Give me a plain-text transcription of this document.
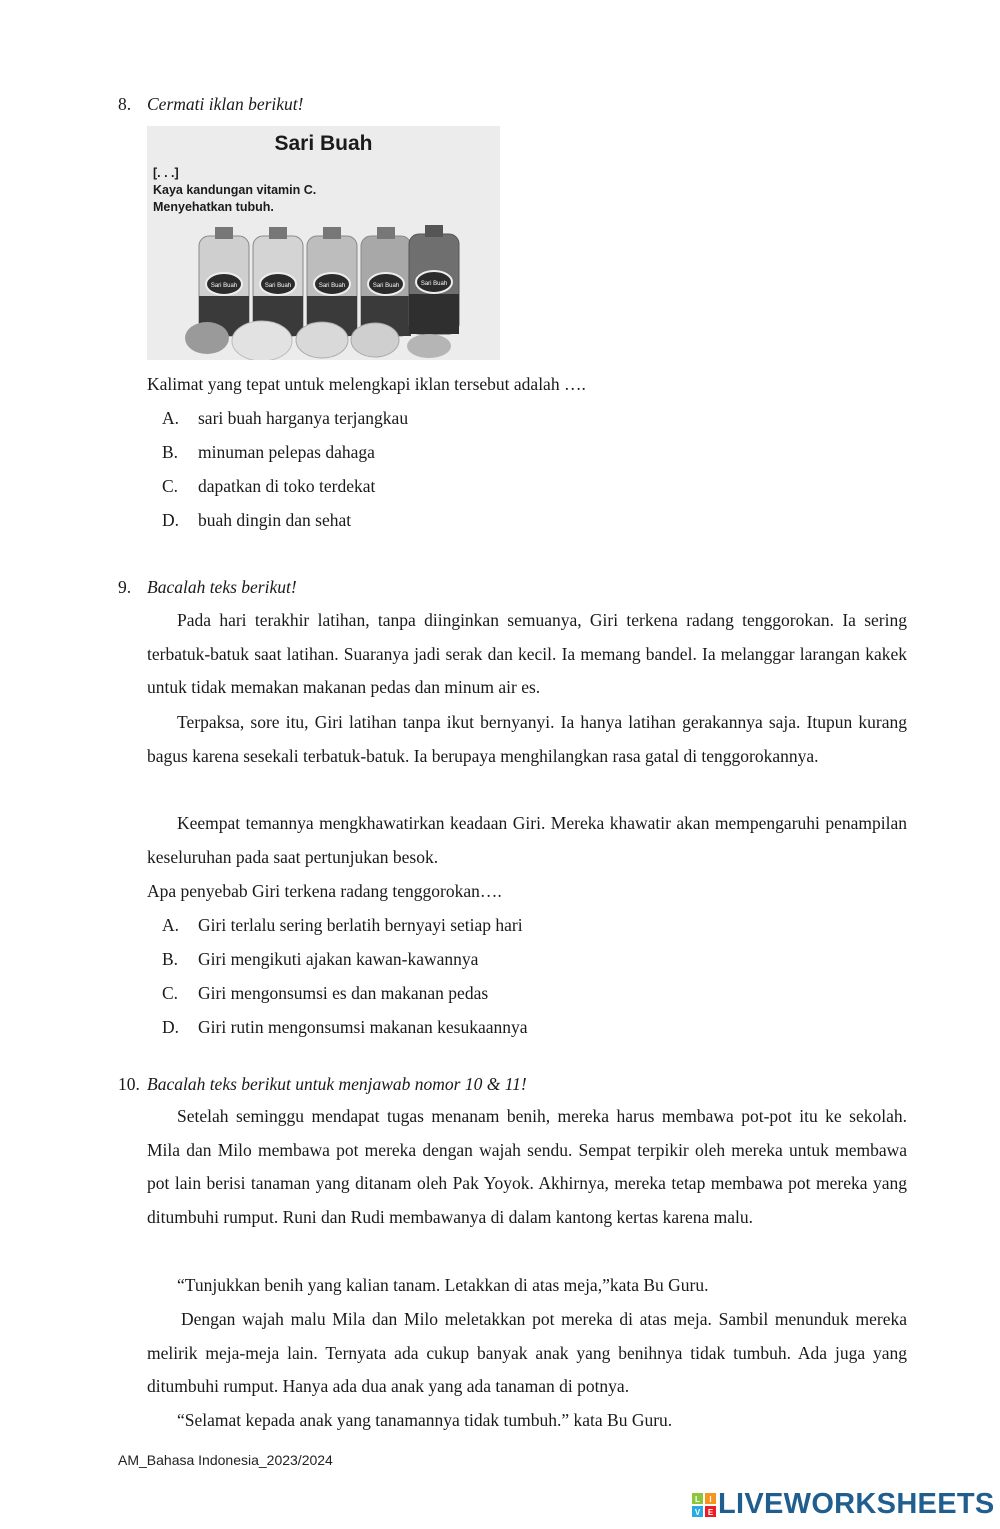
8. Cermati iklan berikut!
Sari Buah
[. . .]
Kaya kandungan vitamin C.
Menyehatkan tubuh.
Sari Buah	Sari Buah	Sari Buah	Sari Buah	Sari Buah
Kalimat yang tepat untuk melengkapi iklan tersebut adalah ….
A. sari buah harganya terjangkau
B. minuman pelepas dahaga
C. dapatkan di toko terdekat
D. buah dingin dan sehat
9. Bacalah teks berikut!
Pada hari terakhir latihan, tanpa diinginkan semuanya, Giri terkena radang tenggorokan. Ia sering terbatuk-batuk saat latihan. Suaranya jadi serak dan kecil. Ia memang bandel. Ia melanggar larangan kakek untuk tidak memakan makanan pedas dan minum air es.
Terpaksa, sore itu, Giri latihan tanpa ikut bernyanyi. Ia hanya latihan gerakannya saja. Itupun kurang bagus karena sesekali terbatuk-batuk. Ia berupaya menghilangkan rasa gatal di tenggorokannya.
Keempat temannya mengkhawatirkan keadaan Giri. Mereka khawatir akan mempengaruhi penampilan keseluruhan pada saat pertunjukan besok.
Apa penyebab Giri terkena radang tenggorokan….
A. Giri terlalu sering berlatih bernyayi setiap hari
B. Giri mengikuti ajakan kawan-kawannya
C. Giri mengonsumsi es dan makanan pedas
D. Giri rutin mengonsumsi makanan kesukaannya
10. Bacalah teks berikut untuk menjawab nomor 10 & 11!
Setelah seminggu mendapat tugas menanam benih, mereka harus membawa pot-pot itu ke sekolah. Mila dan Milo membawa pot mereka dengan wajah sendu. Sempat terpikir oleh mereka untuk membawa pot lain berisi tanaman yang ditanam oleh Pak Yoyok. Akhirnya, mereka tetap membawa pot mereka yang ditumbuhi rumput. Runi dan Rudi membawanya di dalam kantong kertas karena malu.
“Tunjukkan benih yang kalian tanam. Letakkan di atas meja,”kata Bu Guru.
Dengan wajah malu Mila dan Milo meletakkan pot mereka di atas meja. Sambil menunduk mereka melirik meja-meja lain. Ternyata ada cukup banyak anak yang benihnya tidak tumbuh. Ada juga yang ditumbuhi rumput. Hanya ada dua anak yang ada tanaman di potnya.
“Selamat kepada anak yang tanamannya tidak tumbuh.” kata Bu Guru.
AM_Bahasa Indonesia_2023/2024
L I
V E LIVEWORKSHEETS
